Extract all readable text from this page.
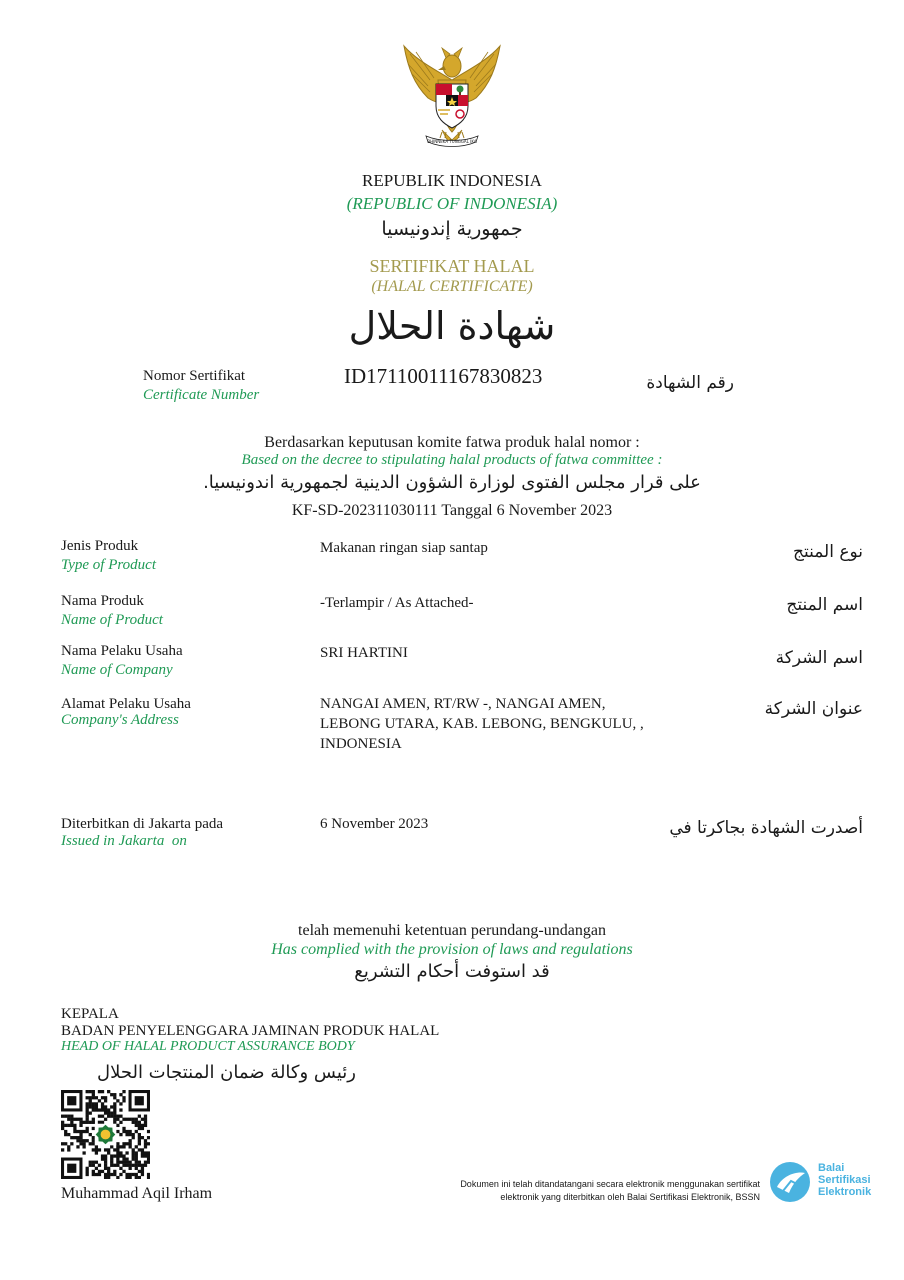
BHINNEKA TUNGGAL IKA
REPUBLIK INDONESIA
(REPUBLIC OF INDONESIA)
جمهورية إندونيسيا
SERTIFIKAT HALAL
(HALAL CERTIFICATE)
شهادة الحلال
Nomor Sertifikat
Certificate Number
ID17110011167830823	رقم الشهادة
Berdasarkan keputusan komite fatwa produk halal nomor :
Based on the decree to stipulating halal products of fatwa committee :
على قرار مجلس الفتوى لوزارة الشؤون الدينية لجمهورية اندونيسيا.
KF-SD-202311030111 Tanggal 6 November 2023
Jenis Produk
Type of Product
Makanan ringan siap santap	نوع المنتج
Nama Produk
Name of Product
-Terlampir / As Attached-	اسم المنتج
Nama Pelaku Usaha
Name of Company
SRI HARTINI	اسم الشركة
Alamat Pelaku Usaha
Company's Address
NANGAI AMEN, RT/RW -, NANGAI AMEN,
LEBONG UTARA, KAB. LEBONG, BENGKULU, ,
INDONESIA
عنوان الشركة
Diterbitkan di Jakarta pada
Issued in Jakarta  on
6 November 2023	أصدرت الشهادة بجاكرتا في
telah memenuhi ketentuan perundang-undangan
Has complied with the provision of laws and regulations
قد استوفت أحكام التشريع
KEPALA
BADAN PENYELENGGARA JAMINAN PRODUK HALAL
HEAD OF HALAL PRODUCT ASSURANCE BODY
رئيس وكالة ضمان المنتجات الحلال
Muhammad Aqil Irham
Dokumen ini telah ditandatangani secara elektronik menggunakan sertifikat
elektronik yang diterbitkan oleh Balai Sertifikasi Elektronik, BSSN
Balai
Sertifikasi
Elektronik
